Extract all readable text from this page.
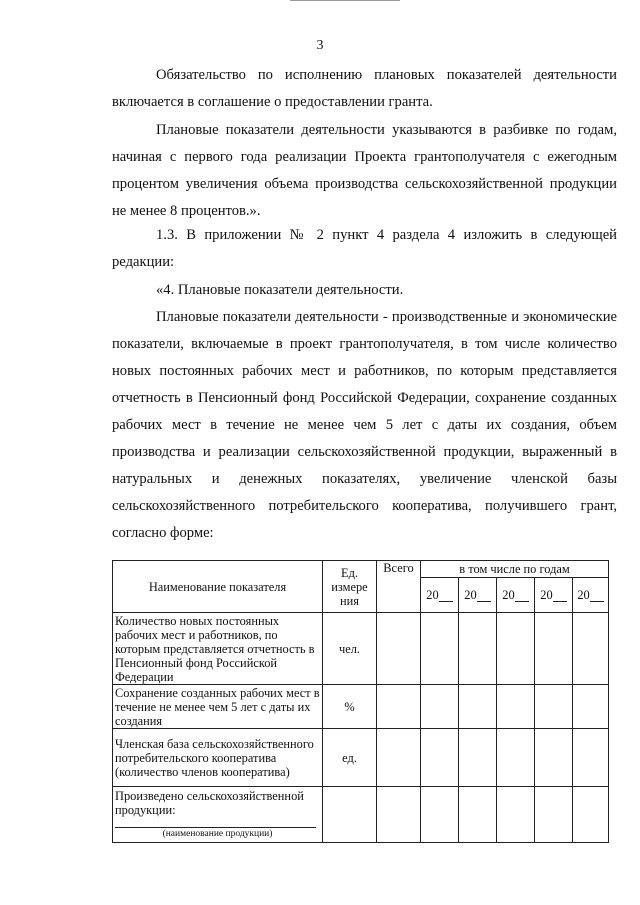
3
Обязательство по исполнению плановых показателей деятельности включается в соглашение о предоставлении гранта.
Плановые показатели деятельности указываются в разбивке по годам, начиная с первого года реализации Проекта грантополучателя с ежегодным процентом увеличения объема производства сельскохозяйственной продукции не менее 8 процентов.».
1.3. В приложении № 2 пункт 4 раздела 4 изложить в следующей редакции:
«4. Плановые показатели деятельности.
Плановые показатели деятельности - производственные и экономические показатели, включаемые в проект грантополучателя, в том числе количество новых постоянных рабочих мест и работников, по которым представляется отчетность в Пенсионный фонд Российской Федерации, сохранение созданных рабочих мест в течение не менее чем 5 лет с даты их создания, объем производства и реализации сельскохозяйственной продукции, выраженный в натуральных и денежных показателях, увеличение членской базы сельскохозяйственного потребительского кооператива, получившего грант, согласно форме:
Наименование показателя	Ед. измере ния	Всего	в том числе по годам				
			20	20	20	20	20
Количество новых постоянных рабочих мест и работников, по которым представляется отчетность в Пенсионный фонд Российской Федерации	чел.						
Сохранение созданных рабочих мест в течение не менее чем 5 лет с даты их создания	%						
Членская база сельскохозяйственного потребительского кооператива (количество членов кооператива)	ед.						
Произведено сельскохозяйственной продукции:
(наименование продукции)							
